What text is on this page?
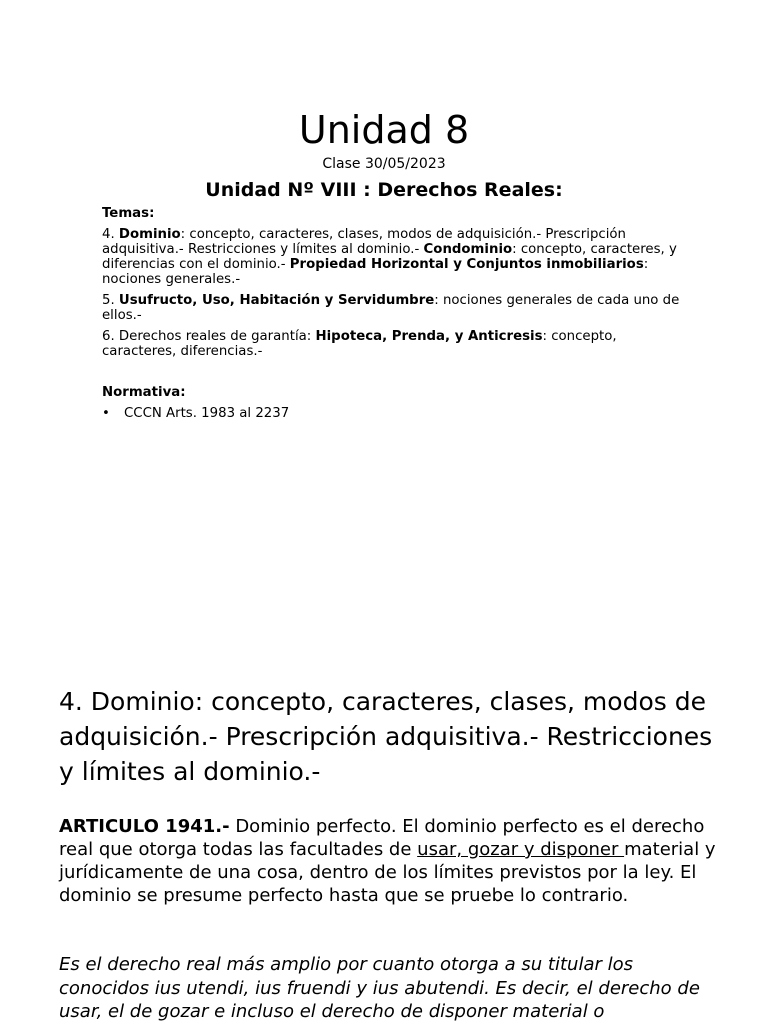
Unidad 8
Clase 30/05/2023
Unidad Nº VIII : Derechos Reales:

Temas:

4. Dominio: concepto, caracteres, clases, modos de adquisición.- Prescripción adquisitiva.- Restricciones y límites al dominio.- Condominio: concepto, caracteres, y diferencias con el dominio.- Propiedad Horizontal y Conjuntos inmobiliarios: nociones generales.-

5. Usufructo, Uso, Habitación y Servidumbre: nociones generales de cada uno de ellos.-

6. Derechos reales de garantía: Hipoteca, Prenda, y Anticresis: concepto, caracteres, diferencias.-

Normativa:

• CCCN Arts. 1983 al 2237
4. Dominio: concepto, caracteres, clases, modos de adquisición.- Prescripción adquisitiva.- Restricciones y límites al dominio.-
ARTICULO 1941.- Dominio perfecto. El dominio perfecto es el derecho real que otorga todas las facultades de usar, gozar y disponer material y jurídicamente de una cosa, dentro de los límites previstos por la ley. El dominio se presume perfecto hasta que se pruebe lo contrario.
Es el derecho real más amplio por cuanto otorga a su titular los conocidos ius utendi, ius fruendi y ius abutendi. Es decir, el derecho de usar, el de gozar e incluso el derecho de disponer material o
